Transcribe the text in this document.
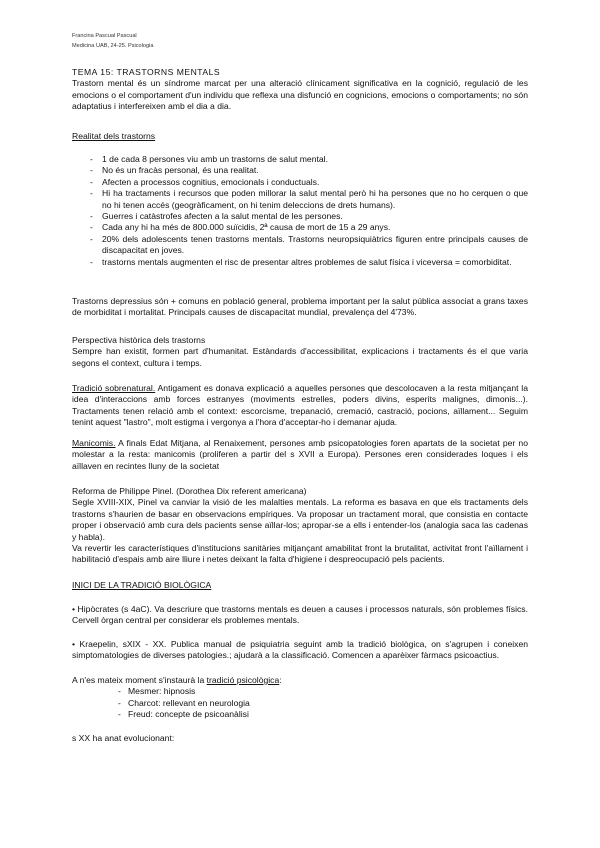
Francina Pascual Pascual
Medicina UAB, 24-25. Psicologia

TEMA 15: TRASTORNS MENTALS

Trastorn mental és un síndrome marcat per una alteració clínicament significativa en la cognició, regulació de les emocions o el comportament d'un individu que reflexa una disfunció en cognicions, emocions o comportaments; no són adaptatius i interfereixen amb el dia a dia.

Realitat dels trastorns
- 1 de cada 8 persones viu amb un trastorns de salut mental.
- No és un fracàs personal, és una realitat.
- Afecten a processos cognitius, emocionals i conductuals.
- Hi ha tractaments i recursos que poden millorar la salut mental però hi ha persones que no ho cerquen o que no hi tenen accés (geogràficament, on hi tenim deleccions de drets humans).
- Guerres i catàstrofes afecten a la salut mental de les persones.
- Cada any hi ha més de 800.000 suïcidis, 2ª causa de mort de 15 a 29 anys.
- 20% dels adolescents tenen trastorns mentals. Trastorns neuropsiquiàtrics figuren entre principals causes de discapacitat en joves.
- trastorns mentals augmenten el risc de presentar altres problemes de salut física i viceversa = comorbiditat.
Trastorns depressius són + comuns en població general, problema important per la salut pública associat a grans taxes de morbiditat i mortalitat. Principals causes de discapacitat mundial, prevalença del 4'73%.

Perspectiva històrica dels trastorns

Sempre han existit, formen part d'humanitat. Estàndards d'accessibilitat, explicacions i tractaments és el que varia segons el context, cultura i temps.

Tradició sobrenatural. Antigament es donava explicació a aquelles persones que descolocaven a la resta mitjançant la idea d'interaccions amb forces estranyes (moviments estrelles, poders divins, esperits malignes, dimonis...). Tractaments tenen relació amb el context: escorcisme, trepanació, cremació, castració, pocions, aïllament... Seguim tenint aquest "lastro", molt estigma i vergonya a l'hora d'acceptar-ho i demanar ajuda.
Manicomis. A finals Edat Mitjana, al Renaixement, persones amb psicopatologies foren apartats de la societat per no molestar a la resta: manicomis (proliferen a partir del s XVII a Europa). Persones eren considerades loques i els aïllaven en recintes lluny de la societat

Reforma de Philippe Pinel. (Dorothea Dix referent americana)

Segle XVIII-XIX, Pinel va canviar la visió de les malalties mentals. La reforma es basava en que els tractaments dels trastorns s'haurien de basar en observacions empíriques. Va proposar un tractament moral, que consistia en contacte proper i observació amb cura dels pacients sense aïllar-los; apropar-se a ells i entender-los (analogia saca las cadenas y habla).

Va revertir les característiques d'institucions sanitàries mitjançant amabilitat front la brutalitat, activitat front l'aïllament i habilitació d'espais amb aire lliure i netes deixant la falta d'higiene i despreocupació pels pacients.

INICI DE LA TRADICIÓ BIOLÒGICA
• Hipòcrates (s 4aC). Va descriure que trastorns mentals es deuen a causes i processos naturals, són problemes físics. Cervell òrgan central per considerar els problemes mentals.
• Kraepelin, sXIX - XX. Publica manual de psiquiatria seguint amb la tradició biològica, on s'agrupen i coneixen simptomatologies de diverses patologies.; ajudarà a la classificació. Comencen a aparèixer fàrmacs psicoactius.

A n'es mateix moment s'instaurà la tradició psicològica:

- Mesmer: hipnosis
- Charcot: rellevant en neurologia
- Freud: concepte de psicoanàlisi
s XX ha anat evolucionant:
